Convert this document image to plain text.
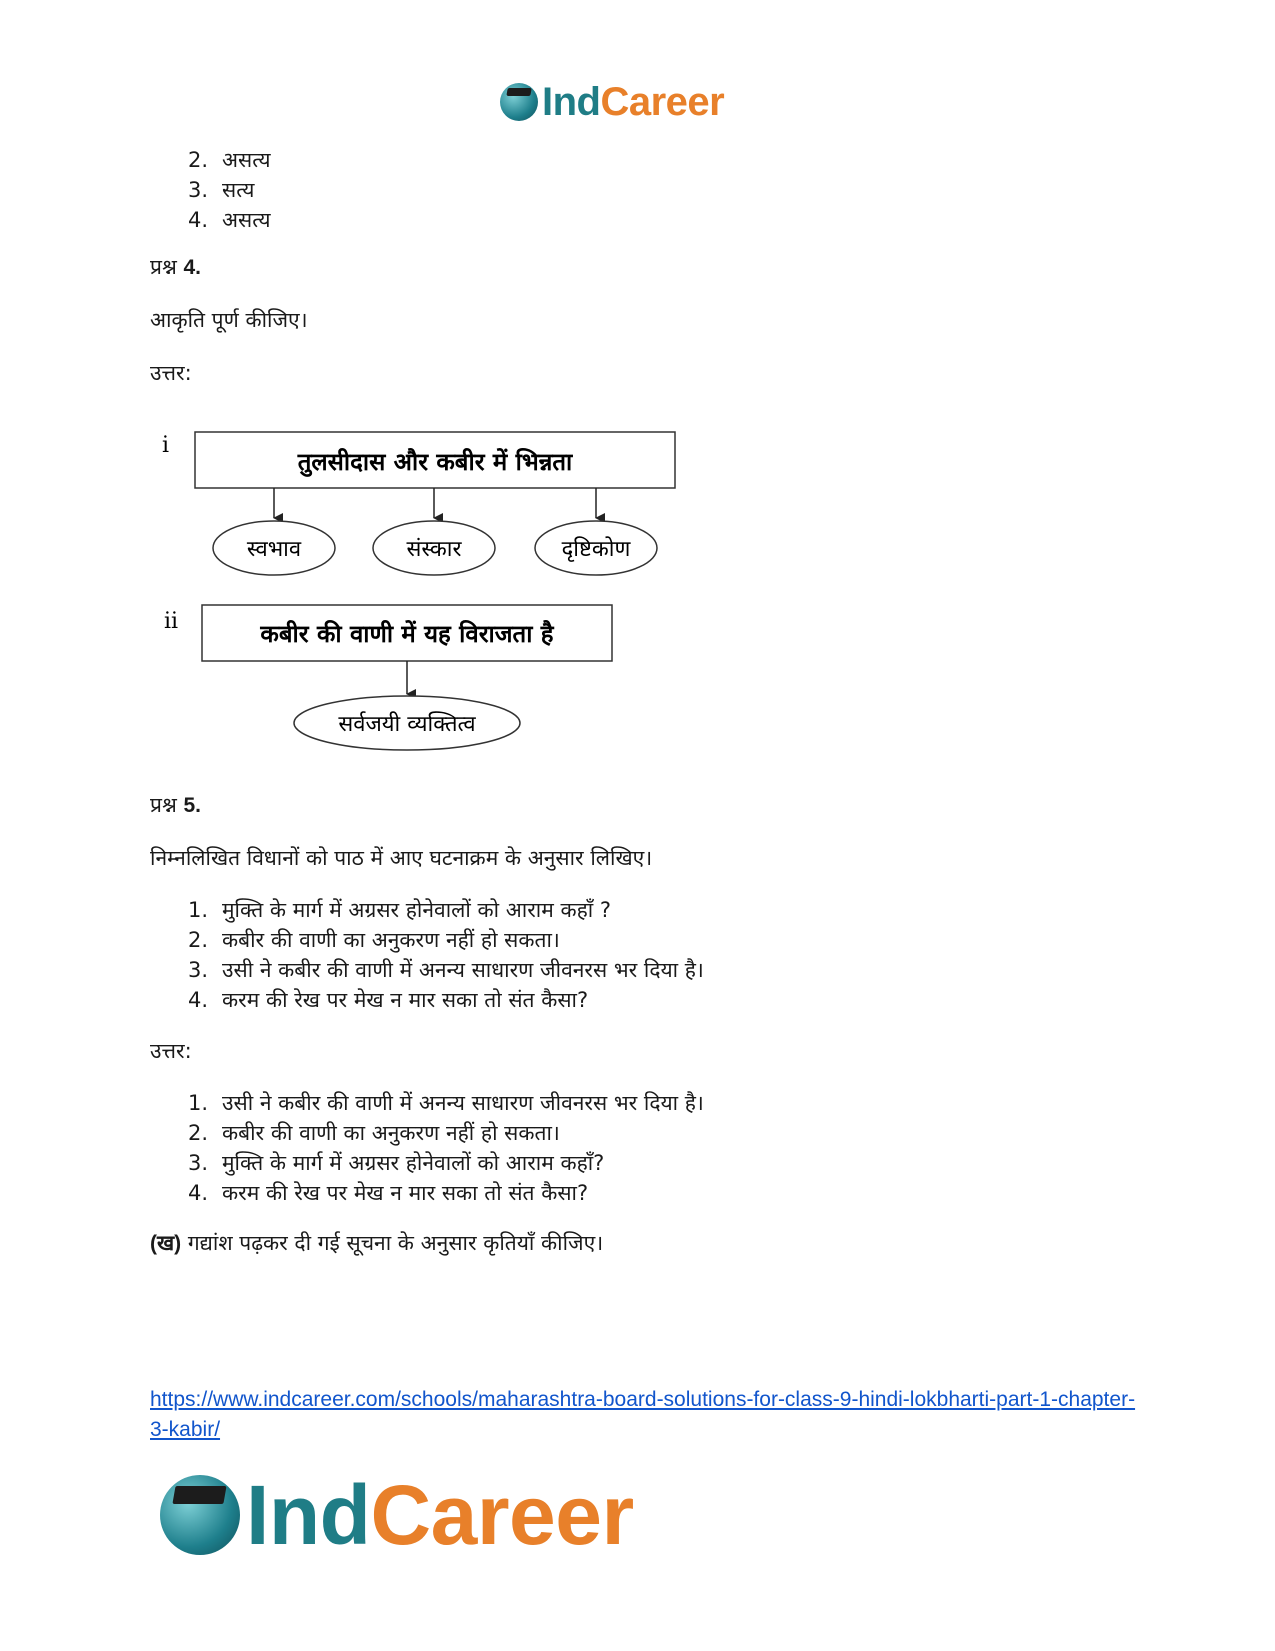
IndCareer
2. असत्य
3. सत्य
4. असत्य

प्रश्न 4.

आकृति पूर्ण कीजिए।

उत्तर:

i
तुलसीदास और कबीर में भिन्नता
स्वभाव	संस्कार	दृष्टिकोण
ii	कबीर की वाणी में यह विराजता है
सर्वजयी व्यक्तित्व

प्रश्न 5.

निम्नलिखित विधानों को पाठ में आए घटनाक्रम के अनुसार लिखिए।

1. मुक्ति के मार्ग में अग्रसर होनेवालों को आराम कहाँ ?
2. कबीर की वाणी का अनुकरण नहीं हो सकता।
3. उसी ने कबीर की वाणी में अनन्य साधारण जीवनरस भर दिया है।
4. करम की रेख पर मेख न मार सका तो संत कैसा?

उत्तर:

1. उसी ने कबीर की वाणी में अनन्य साधारण जीवनरस भर दिया है।
2. कबीर की वाणी का अनुकरण नहीं हो सकता।
3. मुक्ति के मार्ग में अग्रसर होनेवालों को आराम कहाँ?
4. करम की रेख पर मेख न मार सका तो संत कैसा?

(ख) गद्यांश पढ़कर दी गई सूचना के अनुसार कृतियाँ कीजिए।

https://www.indcareer.com/schools/maharashtra-board-solutions-for-class-9-hindi-lokbharti-part-1-chapter-3-kabir/
IndCareer
